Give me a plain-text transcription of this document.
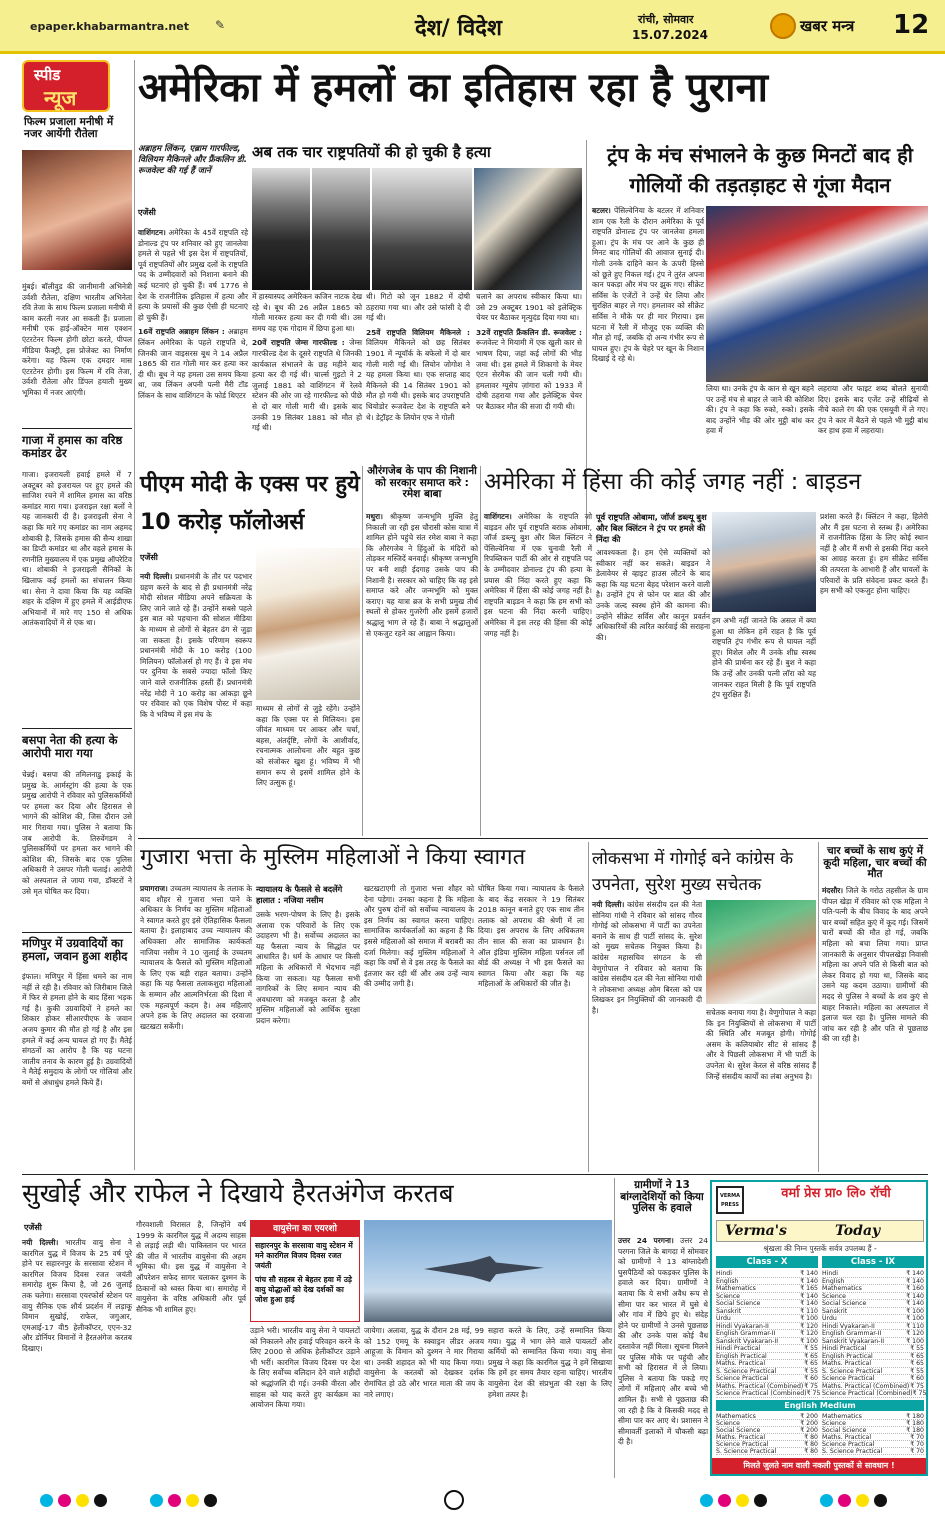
epaper.khabarmantra.net ✎	देश/ विदेश	रांची, सोमवार
15.07.2024	खबर मन्त्र 12
स्पीड
न्यूज
फिल्म प्रजाला मनीषी में नजर आयेंगी रौतेला
मुंबई। बॉलीवुड की जानीमानी अभिनेत्री उर्वशी रौतेला, दक्षिण भारतीय अभिनेता रवि तेजा के साथ फिल्म प्रजाला मनीषी में काम करती नजर आ सकती हैं। प्रजाला मनीषी एक हाई-ऑक्टेन मास एक्शन एंटरटेनर फिल्म होगी छोटा करते, पीपल मीडिया फैक्ट्री, इस प्रोजेक्ट का निर्माण करेगा। यह फिल्म एक दमदार मास एंटरटेनर होगी। इस फिल्म में रवि तेजा, उर्वशी रौतेला और डिंपल हयाती मुख्य भूमिका में नजर आएंगी।
गाजा में हमास का वरिष्ठ कमांडर ढेर
गाजा। इजरायली हवाई हमले में 7 अक्टूबर को इजरायल पर हुए हमले की साजिश रचने में शामिल हमास का वरिष्ठ कमांडर मारा गया। इजराइल रक्षा बलों ने यह जानकारी दी है। इजराइली सेना ने कहा कि मारे गए कमांडर का नाम अहमद शोबाकी है, जिसके हमास की सैन्य शाखा का डिप्टी कमांडर था और वहले हमास के रणनीति मुख्यालय में एक प्रमुख ऑपरेटिव था। शोबाकी ने इजराइली सैनिकों के खिलाफ कई हमलों का संचालन किया था। सेना ने दावा किया कि यह व्यक्ति शहर के दक्षिण में हुए हमले में आईडीएफ अभियानों में मारे गए 150 से अधिक आतंकवादियों में से एक था।
बसपा नेता की हत्या के आरोपी मारा गया
चेन्नई। बसपा की तमिलनाडु इकाई के प्रमुख के. आर्मस्ट्रांग की हत्या के एक प्रमुख आरोपी ने रविवार को पुलिसकर्मियों पर हमला कर दिया और हिरासत से भागने की कोशिश की, जिस दौरान उसे मार गिराया गया। पुलिस ने बताया कि जब आरोपी के. तिरुवेंगडम ने पुलिसकर्मियों पर हमला कर भागने की कोशिश की, जिसके बाद एक पुलिस अधिकारी ने उसपर गोली चलाई। आरोपी को अस्पताल ले जाया गया, डॉक्टरों ने उसे मृत घोषित कर दिया।
मणिपुर में उग्रवादियों का हमला, जवान हुआ शहीद
इंफाल। मणिपुर में हिंसा थमने का नाम नहीं ले रही है। रविवार को जिरीबाम जिले में फिर से हमला होने के बाद हिंसा भड़क गई है। कुकी उग्रवादियों ने हमले का शिकार होकर सीआरपीएफ के जवान अजय कुमार की मौत हो गई है और इस हमले में कई अन्य घायल हो गए हैं। मैतेई संगठनों का आरोप है कि यह घटना जातीय तनाव के कारण हुई है। उग्रवादियों ने मैतेई समुदाय के लोगों पर गोलियां और बमों से अंधाधुंध हमले किये हैं।
अमेरिका में हमलों का इतिहास रहा है पुराना
अब्राहम लिंकन, एब्राम गारफील्ड, विलियम मैकिनले और फ्रैंकलिन डी. रूजवेल्ट की गई हैं जानें
अब तक चार राष्ट्रपतियों की हो चुकी है हत्या
एजेंसी
वाशिंगटन। अमेरिका के 45वें राष्ट्रपति रहे डोनाल्ड ट्रंप पर शनिवार को हुए जानलेवा हमले से पहले भी इस देश में राष्ट्रपतियों, पूर्व राष्ट्रपतियों और प्रमुख दलों के राष्ट्रपति पद के उम्मीदवारों को निशाना बनाने की कई घटनाएं हो चुकी हैं। वर्ष 1776 से देश के राजनीतिक इतिहास में हत्या और हत्या के प्रयासों की कुछ ऐसी ही घटनाएं हो चुकी हैं।
16वें राष्ट्रपति अब्राहम लिंकन : अब्राहम लिंकन अमेरिका के पहले राष्ट्रपति थे, जिनकी जान वाइसरस बूथ ने 14 अप्रैल 1865 की रात गोली मार कर हत्या कर दी थी। बूथ ने यह हमला उस समय किया था, जब लिंकन अपनी पत्नी मैरी टॉड लिंकन के साथ वाशिंगटन के फोर्ड थिएटर
में हास्यास्पद अमेरिकन कजिन नाटक देख रहे थे। बूथ की 26 अप्रैल 1865 को गोली मारकर हत्या कर दी गयी थी। उस समय वह एक गोदाम में छिपा हुआ था।
20वें राष्ट्रपति जेम्स गारफील्ड : जेम्स गारफील्ड देश के दूसरे राष्ट्रपति थे जिनकी कार्यकाल संभालने के छह महीने बाद हत्या कर दी गई थी। चार्ल्स गुइटो ने 2 जुलाई 1881 को वाशिंगटन में रेलवे स्टेशन की ओर जा रहे गारफील्ड को पीछे से दो बार गोली मारी थी। इसके बाद उनकी 19 सितंबर 1881 को मौत हो गई थी।
थी। गिटो को जून 1882 में दोषी ठहराया गया था। और उसे फांसी दे दी गई थी।
25वें राष्ट्रपति विलियम मैकिनले : विलियम मैकिनले को छह सितंबर 1901 में न्यूयॉर्क के बफेलो में दो बार गोली मारी गई थी। लियोन जोगोश ने यह हमला किया था। एक सप्ताह बाद मैकिनले की 14 सितंबर 1901 को मौत हो गयी थी। इसके बाद उपराष्ट्रपति थियोडोर रूजवेल्ट देश के राष्ट्रपति बने थे। डेट्रॉइट के लियोन एफ ने गोली
चलाने का अपराध स्वीकार किया था। उसे 29 अक्टूबर 1901 को इलेक्ट्रिक चेयर पर बैठाकर मृत्युदंड दिया गया था।
32वें राष्ट्रपति फ्रैंकलिन डी. रूजवेल्ट : रूजवेल्ट ने मियामी में एक खुली कार से भाषण दिया, जहां कई लोगों की भीड़ जमा थी। इस हमले में शिकागो के मेयर एंटन सेरमैक की जान चली गयी थी। हमलावर ग्यूसेप ज़ांगारा को 1933 में दोषी ठहराया गया और इलेक्ट्रिक चेयर पर बैठाकर मौत की सजा दी गयी थी।
ट्रंप के मंच संभालने के कुछ मिनटों बाद ही गोलियों की तड़तड़ाहट से गूंजा मैदान
बटलर। पेंसिल्वेनिया के बटलर में शनिवार शाम एक रैली के दौरान अमेरिका के पूर्व राष्ट्रपति डोनाल्ड ट्रंप पर जानलेवा हमला हुआ। ट्रंप के मंच पर आने के कुछ ही मिनट बाद गोलियों की आवाज सुनाई दी। गोली उनके दाहिने कान के ऊपरी हिस्से को छूते हुए निकल गई। ट्रंप ने तुरंत अपना कान पकड़ा और मंच पर झुक गए। सीक्रेट सर्विस के एजेंटों ने उन्हें घेर लिया और सुरक्षित बाहर ले गए। हमलावर को सीक्रेट सर्विस ने मौके पर ही मार गिराया। इस घटना में रैली में मौजूद एक व्यक्ति की मौत हो गई, जबकि दो अन्य गंभीर रूप से घायल हुए। ट्रंप के चेहरे पर खून के निशान दिखाई दे रहे थे।
लिया था। उनके ट्रंप के कान से खून बहने पर उन्हें मंच से बाहर ले जाने की कोशिश की। ट्रंप ने कहा कि रुको, रुको। इसके बाद उन्होंने भीड़ की ओर मुट्ठी बांध कर हवा में
लहराया और फाइट शब्द बोलते सुनायी दिए। इसके बाद एजेंट उन्हें सीढ़ियों से नीचे काले रंग की एक एसयूवी में ले गए। ट्रंप ने कार में बैठने से पहले भी मुट्ठी बांध कर हाथ हवा में लहराया।
पीएम मोदी के एक्स पर हुये 10 करोड़ फॉलोअर्स
एजेंसी
नयी दिल्ली। प्रधानमंत्री के तौर पर पदभार ग्रहण करने के बाद से ही प्रधानमंत्री नरेंद्र मोदी सोशल मीडिया अपने सक्रियता के लिए जाने जाते रहे हैं। उन्होंने सबसे पहले इस बात को पहचाना की सोशल मीडिया के माध्यम से लोगों से बेहतर ढंग से जुड़ा जा सकता है। इसके परिणाम स्वरूप प्रधानमंत्री मोदी के 10 करोड़ (100 मिलियन) फॉलोअर्स हो गए हैं। वे इस मंच पर दुनिया के सबसे ज्यादा फॉलो किए जाने वाले राजनीतिक हस्ती हैं। प्रधानमंत्री नरेंद्र मोदी ने 10 करोड़ का आंकड़ा छूने पर रविवार को एक विशेष पोस्ट में कहा कि वे भविष्य में इस मंच के
माध्यम से लोगों से जुड़े रहेंगे। उन्होंने कहा कि एक्स पर से मिलियन। इस जीवंत माध्यम पर आकर और चर्चा, बहस, अंतर्दृष्टि, लोगों के आशीर्वाद, रचनात्मक आलोचना और बहुत कुछ को संजोकर खुश हूं। भविष्य में भी समान रूप से इसमें शामिल होने के लिए उत्सुक हूं।
औरंगजेब के पाप की निशानी को सरकार समाप्त करे : रमेश बाबा
मथुरा। श्रीकृष्ण जन्मभूमि मुक्ति हेतु निकाली जा रही इस चौरासी कोस यात्रा में शामिल होने पहुंचे संत रमेश बाबा ने कहा कि औरंगजेब ने हिंदुओं के मंदिरों को तोड़कर मस्जिदें बनवाईं। श्रीकृष्ण जन्मभूमि पर बनी शाही ईदगाह उसके पाप की निशानी है। सरकार को चाहिए कि वह इसे समाप्त करे और जन्मभूमि को मुक्त कराए। यह यात्रा ब्रज के सभी प्रमुख तीर्थ स्थलों से होकर गुजरेगी और इसमें हजारों श्रद्धालु भाग ले रहे हैं। बाबा ने श्रद्धालुओं से एकजुट रहने का आह्वान किया।
अमेरिका में हिंसा की कोई जगह नहीं : बाइडन
वाशिंगटन। अमेरिका के राष्ट्रपति जो बाइडन और पूर्व राष्ट्रपति बराक ओबामा, जॉर्ज डब्ल्यू बुश और बिल क्लिंटन ने पेंसिल्वेनिया में एक चुनावी रैली में रिपब्लिकन पार्टी की ओर से राष्ट्रपति पद के उम्मीदवार डोनाल्ड ट्रंप की हत्या के प्रयास की निंदा करते हुए कहा कि अमेरिका में हिंसा की कोई जगह नहीं है। राष्ट्रपति बाइडन ने कहा कि हम सभी को इस घटना की निंदा करनी चाहिए। अमेरिका में इस तरह की हिंसा की कोई जगह नहीं है।
पूर्व राष्ट्रपति ओबामा, जॉर्ज डब्ल्यू बुश और बिल क्लिंटन ने ट्रंप पर हमले की निंदा की
आवश्यकता है। हम ऐसे व्यक्तियों को स्वीकार नहीं कर सकते। बाइडन ने डेलावेयर से व्हाइट हाउस लौटने के बाद कहा कि यह घटना बेहद परेशान करने वाली है। उन्होंने ट्रंप से फोन पर बात की और उनके जल्द स्वस्थ होने की कामना की। उन्होंने सीक्रेट सर्विस और कानून प्रवर्तन अधिकारियों की त्वरित कार्रवाई की सराहना की।
हम अभी नहीं जानते कि असल में क्या हुआ था लेकिन हमें राहत है कि पूर्व राष्ट्रपति ट्रंप गंभीर रूप से घायल नहीं हुए। मिशेल और मैं उनके शीघ्र स्वस्थ होने की प्रार्थना कर रहे हैं। बुश ने कहा कि उन्हें और उनकी पत्नी लॉरा को यह जानकर राहत मिली है कि पूर्व राष्ट्रपति ट्रंप सुरक्षित हैं।
प्रशंसा करते हैं। क्लिंटन ने कहा, हिलेरी और मैं इस घटना से स्तब्ध हैं। अमेरिका में राजनीतिक हिंसा के लिए कोई स्थान नहीं है और मैं सभी से इसकी निंदा करने का आग्रह करता हूं। हम सीक्रेट सर्विस की तत्परता के आभारी हैं और घायलों के परिवारों के प्रति संवेदना प्रकट करते हैं। हम सभी को एकजुट होना चाहिए।
गुजारा भत्ता के मुस्लिम महिलाओं ने किया स्वागत
प्रयागराज। उच्चतम न्यायालय के तलाक के बाद शौहर से गुजारा भत्ता पाने के अधिकार के निर्णय का मुस्लिम महिलाओं ने स्वागत करते हुए इसे ऐतिहासिक फैसला बताया है। इलाहाबाद उच्च न्यायालय की अधिवक्ता और सामाजिक कार्यकर्ता नाजिया नसीम ने 10 जुलाई के उच्चतम न्यायालय के फैसले को मुस्लिम महिलाओं के लिए एक बड़ी राहत बताया। उन्होंने कहा कि यह फैसला तलाकशुदा महिलाओं के सम्मान और आत्मनिर्भरता की दिशा में एक महत्वपूर्ण कदम है। अब महिलाएं अपने हक के लिए अदालत का दरवाजा खटखटा सकेंगी।
न्यायालय के फैसले से बदलेंगे हालात : नजिया नसीम
उसके भरण-पोषण के लिए है। इसके अलावा एक परिवारों के लिए एक उदाहरण भी है। सर्वोच्च अदालत का यह फैसला न्याय के सिद्धांत पर आधारित है। धर्म के आधार पर किसी महिला के अधिकारों में भेदभाव नहीं किया जा सकता। यह फैसला सभी नागरिकों के लिए समान न्याय की अवधारणा को मजबूत करता है और मुस्लिम महिलाओं को आर्थिक सुरक्षा प्रदान करेगा।
खटखटाएगी तो गुजारा भत्ता शौहर को देना पड़ेगा। उनका कहना है कि महिला और पुरुष दोनों को सर्वोच्च न्यायालय के इस निर्णय का स्वागत करना चाहिए। सामाजिक कार्यकर्ताओं का कहना है कि इससे महिलाओं को समाज में बराबरी का दर्जा मिलेगा। कई मुस्लिम महिलाओं ने कहा कि वर्षों से वे इस तरह के फैसले का इंतजार कर रही थीं और अब उन्हें न्याय की उम्मीद जगी है।
घोषित किया गया। न्यायालय के फैसले के बाद केंद्र सरकार ने 19 सितंबर 2018 कानून बनाते हुए एक साथ तीन तलाक को अपराध की श्रेणी में ला दिया। इस अपराध के लिए अधिकतम तीन साल की सजा का प्रावधान है। ऑल इंडिया मुस्लिम महिला पर्सनल लॉ बोर्ड की अध्यक्ष ने भी इस फैसले का स्वागत किया और कहा कि यह महिलाओं के अधिकारों की जीत है।
लोकसभा में गोगोई बने कांग्रेस के उपनेता, सुरेश मुख्य सचेतक
नयी दिल्ली। कांग्रेस संसदीय दल की नेता सोनिया गांधी ने रविवार को सांसद गौरव गोगोई को लोकसभा में पार्टी का उपनेता बनाने के साथ ही पार्टी सांसद के. सुरेश को मुख्य सचेतक नियुक्त किया है। कांग्रेस महासचिव संगठन के सी वेणुगोपाल ने रविवार को बताया कि कांग्रेस संसदीय दल की नेता सोनिया गांधी ने लोकसभा अध्यक्ष ओम बिरला को पत्र लिखकर इन नियुक्तियों की जानकारी दी है।	सचेतक बनाया गया है। वेणुगोपाल ने कहा कि इन नियुक्तियों से लोकसभा में पार्टी की स्थिति और मजबूत होगी। गोगोई असम के कलियाबोर सीट से सांसद हैं और वे पिछली लोकसभा में भी पार्टी के उपनेता थे। सुरेश केरल से वरिष्ठ सांसद हैं जिन्हें संसदीय कार्यों का लंबा अनुभव है।
चार बच्चों के साथ कुएं में कूदी महिला, चार बच्चों की मौत
मंदसौर। जिले के गरोठ तहसील के ग्राम पीपल खेड़ा में रविवार को एक महिला ने पति-पत्नी के बीच विवाद के बाद अपने चार बच्चों सहित कुएं में कूद गई। जिसमें चारों बच्चों की मौत हो गई, जबकि महिला को बचा लिया गया। प्राप्त जानकारी के अनुसार पीपलखेड़ा निवासी महिला का अपने पति से किसी बात को लेकर विवाद हो गया था, जिसके बाद उसने यह कदम उठाया। ग्रामीणों की मदद से पुलिस ने बच्चों के शव कुएं से बाहर निकाले। महिला का अस्पताल में इलाज चल रहा है। पुलिस मामले की जांच कर रही है और पति से पूछताछ की जा रही है।
सुखोई और राफेल ने दिखाये हैरतअंगेज करतब
एजेंसी
नयी दिल्ली। भारतीय वायु सेना ने कारगिल युद्ध में विजय के 25 वर्ष पूरे होने पर सहारनपुर के सरसावा स्टेशन में कारगिल विजय दिवस रजत जयंती समारोह शुरू किया है, जो 26 जुलाई तक चलेगा। सरसावा एयरफोर्स स्टेशन पर वायु सैनिक एक शौर्य प्रदर्शन में लड़ाकू विमान सुखोई, राफेल, जगुआर, एमआई-17 वी5 हेलीकॉप्टर, एएन-32 और डोर्नियर विमानों ने हैरतअंगेज करतब दिखाए।
गौरवशाली विरासत है, जिन्होंने वर्ष 1999 के कारगिल युद्ध में अदम्य साहस से लड़ाई लड़ी थी। पाकिस्तान पर भारत की जीत में भारतीय वायुसेना की अहम भूमिका थी। इस युद्ध में वायुसेना ने ऑपरेशन सफेद सागर चलाकर दुश्मन के ठिकानों को ध्वस्त किया था। समारोह में वायुसेना के वरिष्ठ अधिकारी और पूर्व सैनिक भी शामिल हुए।
वायुसेना का एयरशो
सहारनपुर के सरसावा वायु स्टेशन में मने कारगिल विजय दिवस रजत जयंती
पांच सौ सहस्त्र से बेहतर हवा में उड़े वायु योद्धाओं को देख दर्शकों का जोश हुआ हाई
उड़ाने भरी। भारतीय वायु सेना ने पायलटों को निकालने और हवाई परिवहन करने के लिए 2000 से अधिक हेलीकॉप्टर उड़ाने भी भरीं। कारगिल विजय दिवस पर देश के लिए सर्वोच्च बलिदान देने वाले शहीदों को श्रद्धांजलि दी गई। उनकी वीरता और साहस को याद करते हुए कार्यक्रम का आयोजन किया गया।
जायेगा। अलावा, युद्ध के दौरान 28 मई, 99 को 152 एमयू के स्क्वाड्रन लीडर अजय आहूजा के विमान को दुश्मन ने मार गिराया था। उनकी शहादत को भी याद किया गया। वायुसेना के करतबों को देखकर दर्शक रोमांचित हो उठे और भारत माता की जय के नारे लगाए।
सहारा करते के लिए, उन्हें सम्मानित किया गया। युद्ध में भाग लेने वाले पायलटों और कर्मियों को सम्मानित किया गया। वायु सेना प्रमुख ने कहा कि कारगिल युद्ध ने हमें सिखाया कि हमें हर समय तैयार रहना चाहिए। भारतीय वायुसेना देश की संप्रभुता की रक्षा के लिए हमेशा तत्पर है।
ग्रामीणों ने 13 बांग्लादेशियों को किया पुलिस के हवाले
उत्तर 24 परगना। उत्तर 24 परगना जिले के बागदा में सोमवार को ग्रामीणों ने 13 बांग्लादेशी घुसपैठियों को पकड़कर पुलिस के हवाले कर दिया। ग्रामीणों ने बताया कि ये सभी अवैध रूप से सीमा पार कर भारत में घुसे थे और गांव में छिपे हुए थे। संदेह होने पर ग्रामीणों ने उनसे पूछताछ की और उनके पास कोई वैध दस्तावेज नहीं मिला। सूचना मिलने पर पुलिस मौके पर पहुंची और सभी को हिरासत में ले लिया। पुलिस ने बताया कि पकड़े गए लोगों में महिलाएं और बच्चे भी शामिल हैं। सभी से पूछताछ की जा रही है कि वे किसकी मदद से सीमा पार कर आए थे। प्रशासन ने सीमावर्ती इलाकों में चौकसी बढ़ा दी है।
VERMA PRESS
वर्मा प्रेस प्रा० लि० रॉची
Verma's	Today
श्रृंखला की निम्न पुस्तकें सर्वत्र उपलब्ध हैं -
Class - X	Class - IX
Hindi	₹ 140
English	₹ 140
Mathematics	₹ 165
Science	₹ 140
Social Science	₹ 140
Sanskrit	₹ 110
Urdu	₹ 100
Hindi Vyakaran-II	₹ 120
English Grammar-II	₹ 120
Sanskrit Vyakaran-II	₹ 100
Hindi Practical	₹ 55
English Practical	₹ 65
Maths. Practical	₹ 65
S. Science Practical	₹ 55
Science Practical	₹ 60
Maths. Practical (Combined) ₹ 75
Science Practical (Combined) ₹ 75
Hindi	₹ 140
English	₹ 140
Mathematics	₹ 160
Science	₹ 140
Social Science	₹ 140
Sanskrit	₹ 100
Urdu	₹ 100
Hindi Vyakaran-II	₹ 110
English Grammar-II	₹ 120
Sanskrit Vyakaran-II	₹ 100
Hindi Practical	₹ 55
English Practical	₹ 65
Maths. Practical	₹ 65
S. Science Practical	₹ 55
Science Practical	₹ 60
Maths. Practical (Combined) ₹ 75
Science Practical (Combined) ₹ 75
English Medium
Mathematics	₹ 200
Science	₹ 200
Social Science	₹ 200
Maths. Practical	₹ 80
Science Practical	₹ 80
S. Science Practical	₹ 80
Mathematics	₹ 180
Science	₹ 180
Social Science	₹ 180
Maths. Practical	₹ 70
Science Practical	₹ 70
S. Science Practical	₹ 70
मिलते जुलते नाम वाली नकली पुस्तकों से सावधान !
